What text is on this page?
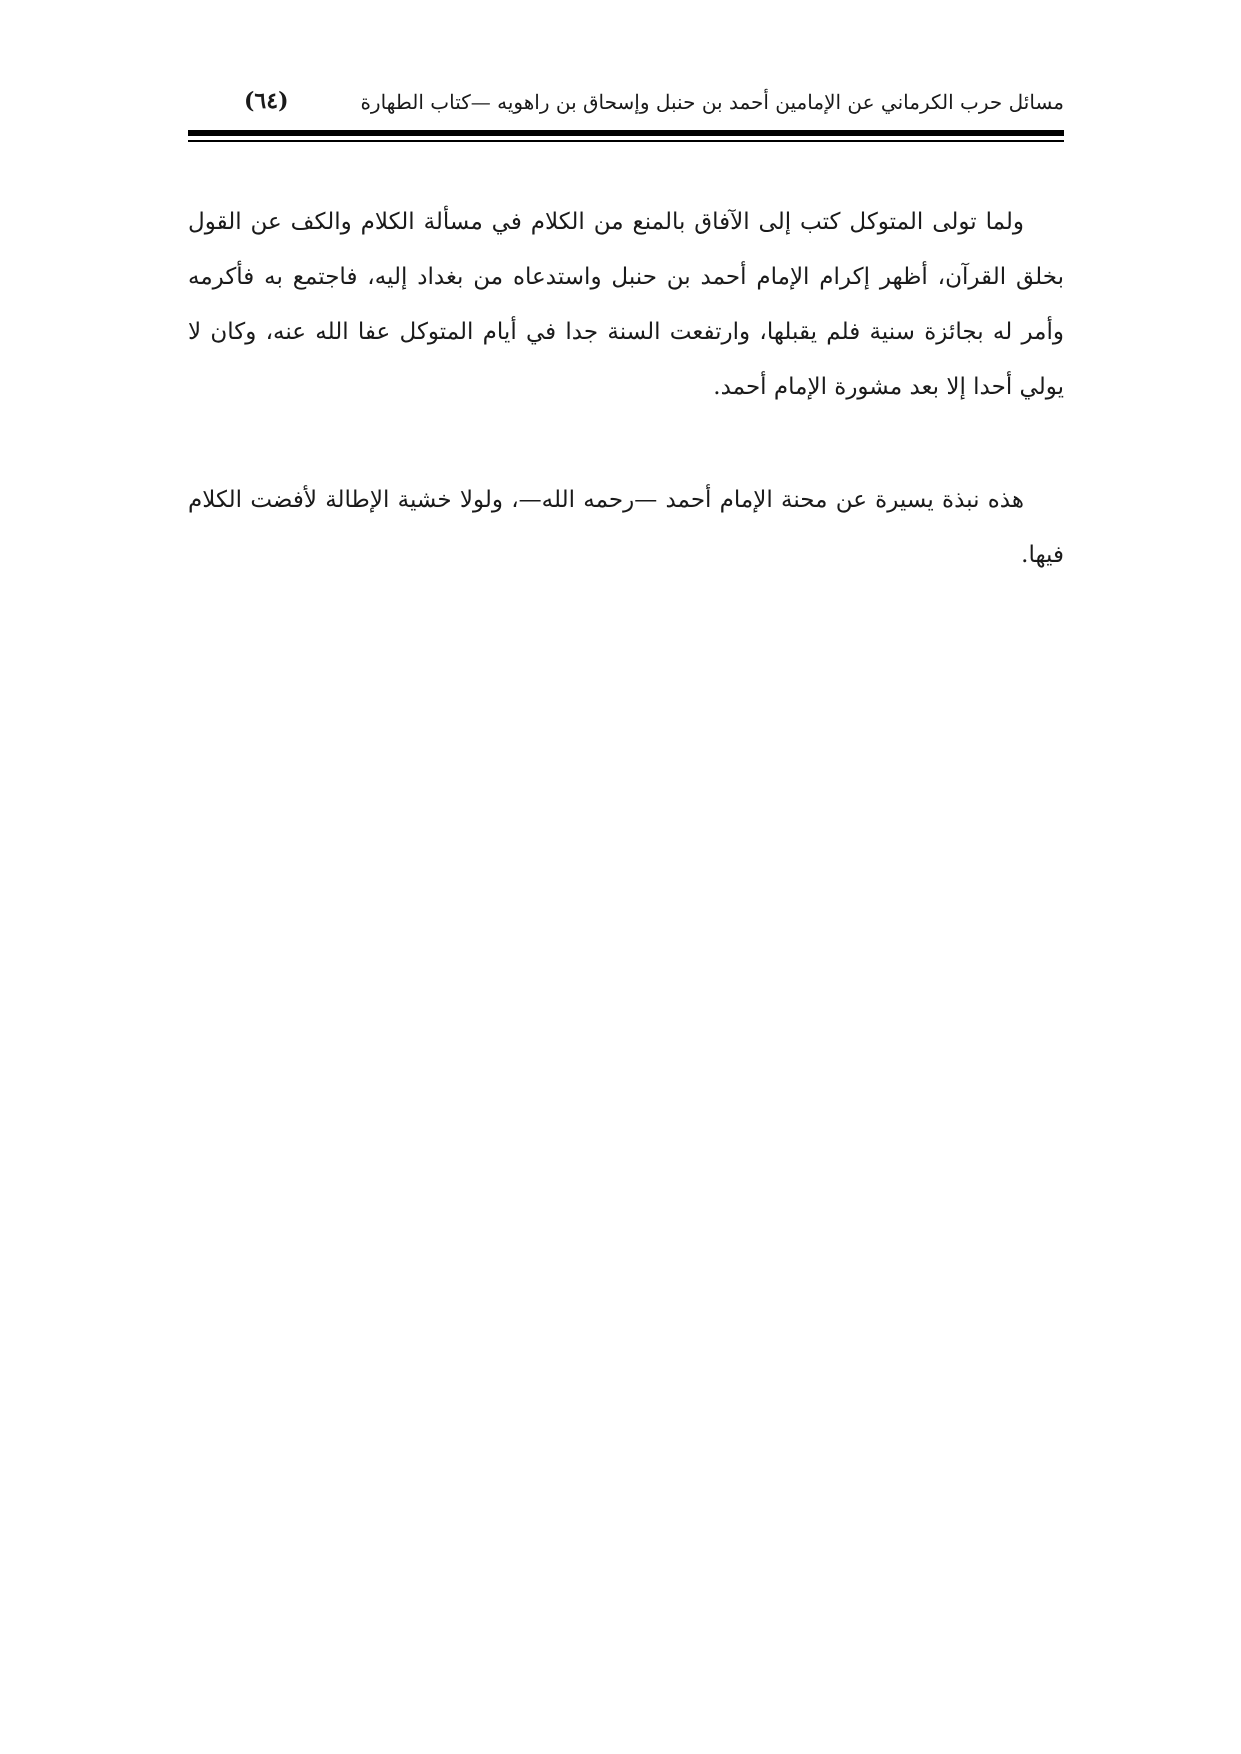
مسائل حرب الكرماني عن الإمامين أحمد بن حنبل وإسحاق بن راهويه —كتاب الطهارة
(٦٤)

ولما تولى المتوكل كتب إلى الآفاق بالمنع من الكلام في مسألة الكلام والكف عن القول بخلق القرآن، أظهر إكرام الإمام أحمد بن حنبل واستدعاه من بغداد إليه، فاجتمع به فأكرمه وأمر له بجائزة سنية فلم يقبلها، وارتفعت السنة جدا في أيام المتوكل عفا الله عنه، وكان لا يولي أحدا إلا بعد مشورة الإمام أحمد.

هذه نبذة يسيرة عن محنة الإمام أحمد —رحمه الله—، ولولا خشية الإطالة لأفضت الكلام فيها.
